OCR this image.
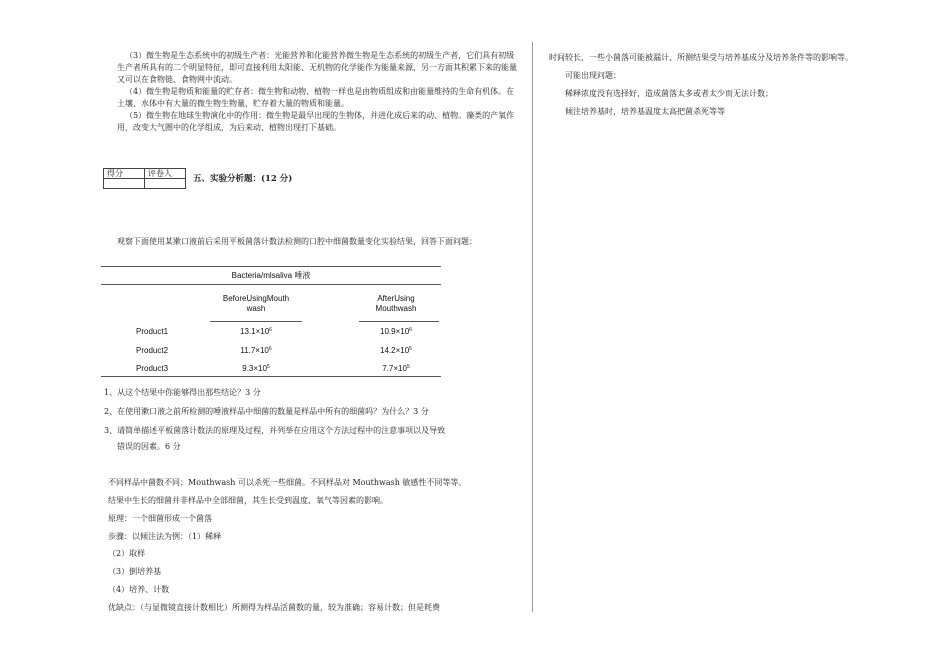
（3）微生物是生态系统中的初级生产者：光能营养和化能营养微生物是生态系统的初级生产者，它们具有初级生产者所具有的二个明显特征，即可直接利用太阳能、无机物的化学能作为能量来源，另一方面其积累下来的能量又可以在食物链、食物网中流动。
（4）微生物是物质和能量的贮存者：微生物和动物、植物一样也是由物质组成和由能量维持的生命有机体。在土壤、水体中有大量的微生物生物量，贮存着大量的物质和能量。
（5）微生物在地球生物演化中的作用：微生物是最早出现的生物体，并进化成后来的动、植物。藻类的产氧作用，改变大气圈中的化学组成，为后来动、植物出现打下基础。
得分	评卷人

五、实验分析题：(12 分)
观察下面使用某漱口液前后采用平板菌落计数法检测的口腔中细菌数量变化实验结果，回答下面问题：
Bacteria/mlsaliva 唾液
BeforeUsingMouth
wash
AfterUsing
Mouthwash
Product1	$13.1\times 10^6$	$10.9\times 10^6$
Product2	$11.7\times 10^6$	$14.2\times 10^5$
Product3	$9.3\times 10^5$	$7.7\times 10^5$
1、从这个结果中你能够得出那些结论？3 分
2、在使用漱口液之前所检测的唾液样品中细菌的数量是样品中所有的细菌吗？为什么？3 分
3、请简单描述平板菌落计数法的原理及过程，并列举在应用这个方法过程中的注意事项以及导致
错误的因素。6 分
不同样品中菌数不同；Mouthwash 可以杀死一些细菌。不同样品对 Mouthwash 敏感性不同等等。
结果中生长的细菌并非样品中全部细菌，其生长受到温度、氧气等因素的影响。
原理：一个细菌形成一个菌落
步骤：以倾注法为例：（1）稀释
（2）取样
（3）倒培养基
（4）培养、计数
优缺点：（与显微镜直接计数相比）所测得为样品活菌数的量，较为准确；容易计数；但是耗费
时间较长，一些小菌落可能被漏计、所测结果受与培养基成分及培养条件等的影响等。
可能出现问题：
稀释浓度没有选择好，造成菌落太多或者太少而无法计数；
倾注培养基时，培养基温度太高把菌杀死等等
